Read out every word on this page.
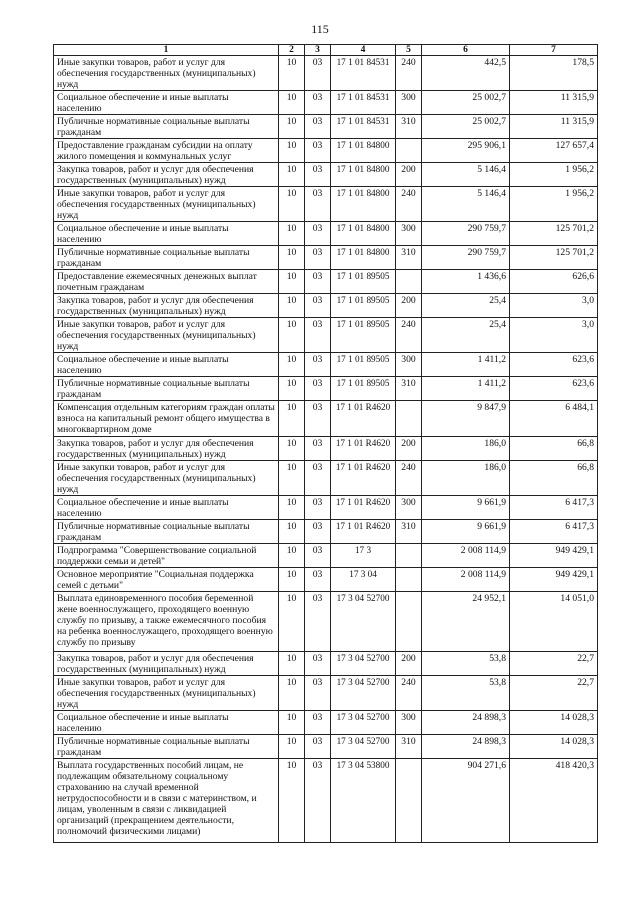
115
1	2	3	4	5	6	7
Иные закупки товаров, работ и услуг для обеспечения государственных (муниципальных) нужд	10	03	17 1 01 84531	240	442,5	178,5
Социальное обеспечение и иные выплаты населению	10	03	17 1 01 84531	300	25 002,7	11 315,9
Публичные нормативные социальные выплаты гражданам	10	03	17 1 01 84531	310	25 002,7	11 315,9
Предоставление гражданам субсидии на оплату жилого помещения и коммунальных услуг	10	03	17 1 01 84800		295 906,1	127 657,4
Закупка товаров, работ и услуг для обеспечения государственных (муниципальных) нужд	10	03	17 1 01 84800	200	5 146,4	1 956,2
Иные закупки товаров, работ и услуг для обеспечения государственных (муниципальных) нужд	10	03	17 1 01 84800	240	5 146,4	1 956,2
Социальное обеспечение и иные выплаты населению	10	03	17 1 01 84800	300	290 759,7	125 701,2
Публичные нормативные социальные выплаты гражданам	10	03	17 1 01 84800	310	290 759,7	125 701,2
Предоставление ежемесячных денежных выплат почетным гражданам	10	03	17 1 01 89505		1 436,6	626,6
Закупка товаров, работ и услуг для обеспечения государственных (муниципальных) нужд	10	03	17 1 01 89505	200	25,4	3,0
Иные закупки товаров, работ и услуг для обеспечения государственных (муниципальных) нужд	10	03	17 1 01 89505	240	25,4	3,0
Социальное обеспечение и иные выплаты населению	10	03	17 1 01 89505	300	1 411,2	623,6
Публичные нормативные социальные выплаты гражданам	10	03	17 1 01 89505	310	1 411,2	623,6
Компенсация отдельным категориям граждан оплаты взноса на капитальный ремонт общего имущества в многоквартирном доме	10	03	17 1 01 R4620		9 847,9	6 484,1
Закупка товаров, работ и услуг для обеспечения государственных (муниципальных) нужд	10	03	17 1 01 R4620	200	186,0	66,8
Иные закупки товаров, работ и услуг для обеспечения государственных (муниципальных) нужд	10	03	17 1 01 R4620	240	186,0	66,8
Социальное обеспечение и иные выплаты населению	10	03	17 1 01 R4620	300	9 661,9	6 417,3
Публичные нормативные социальные выплаты гражданам	10	03	17 1 01 R4620	310	9 661,9	6 417,3
Подпрограмма "Совершенствование социальной поддержки семьи и детей"	10	03	17 3		2 008 114,9	949 429,1
Основное мероприятие "Социальная поддержка семей с детьми"	10	03	17 3 04		2 008 114,9	949 429,1
Выплата единовременного пособия беременной жене военнослужащего, проходящего военную службу по призыву, а также ежемесячного пособия на ребенка военнослужащего, проходящего военную службу по призыву	10	03	17 3 04 52700		24 952,1	14 051,0
Закупка товаров, работ и услуг для обеспечения государственных (муниципальных) нужд	10	03	17 3 04 52700	200	53,8	22,7
Иные закупки товаров, работ и услуг для обеспечения государственных (муниципальных) нужд	10	03	17 3 04 52700	240	53,8	22,7
Социальное обеспечение и иные выплаты населению	10	03	17 3 04 52700	300	24 898,3	14 028,3
Публичные нормативные социальные выплаты гражданам	10	03	17 3 04 52700	310	24 898,3	14 028,3
Выплата государственных пособий лицам, не подлежащим обязательному социальному страхованию на случай временной нетрудоспособности и в связи с материнством, и лицам, уволенным в связи с ликвидацией организаций (прекращением деятельности, полномочий физическими лицами)	10	03	17 3 04 53800		904 271,6	418 420,3
